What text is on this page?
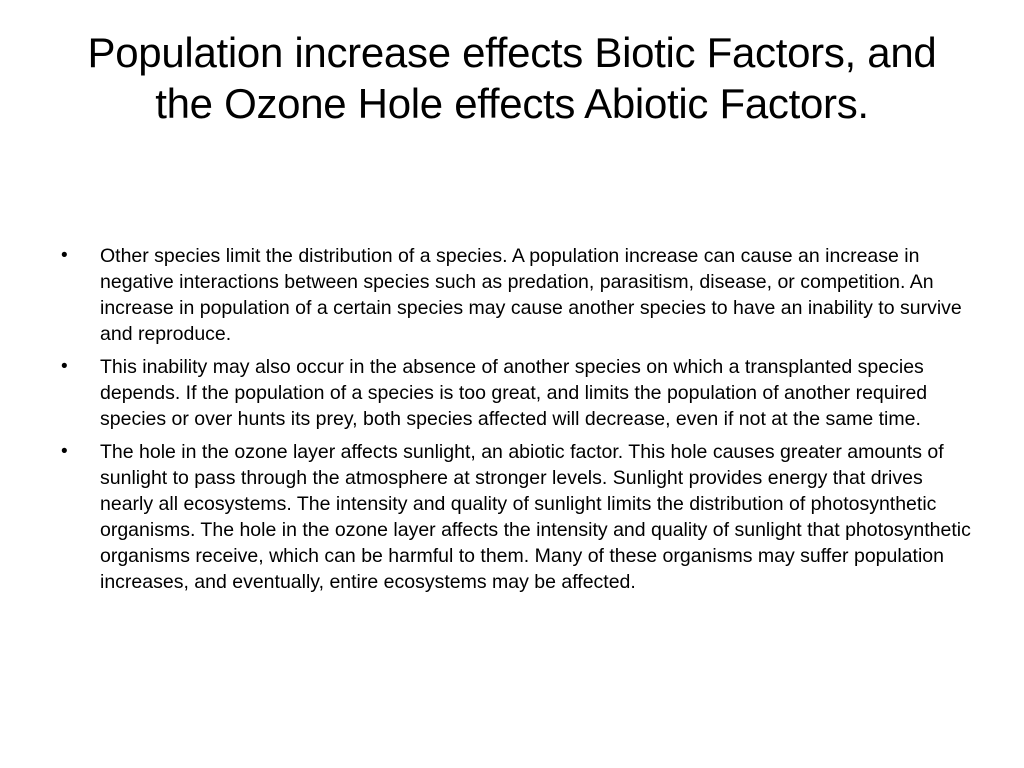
Population increase effects Biotic Factors, and the Ozone Hole effects Abiotic Factors.
• Other species limit the distribution of a species. A population increase can cause an increase in negative interactions between species such as predation, parasitism, disease, or competition. An increase in population of a certain species may cause another species to have an inability to survive and reproduce.
• This inability may also occur in the absence of another species on which a transplanted species depends. If the population of a species is too great, and limits the population of another required species or over hunts its prey, both species affected will decrease, even if not at the same time.
• The hole in the ozone layer affects sunlight, an abiotic factor. This hole causes greater amounts of sunlight to pass through the atmosphere at stronger levels. Sunlight provides energy that drives nearly all ecosystems. The intensity and quality of sunlight limits the distribution of photosynthetic organisms. The hole in the ozone layer affects the intensity and quality of sunlight that photosynthetic organisms receive, which can be harmful to them. Many of these organisms may suffer population increases, and eventually, entire ecosystems may be affected.
